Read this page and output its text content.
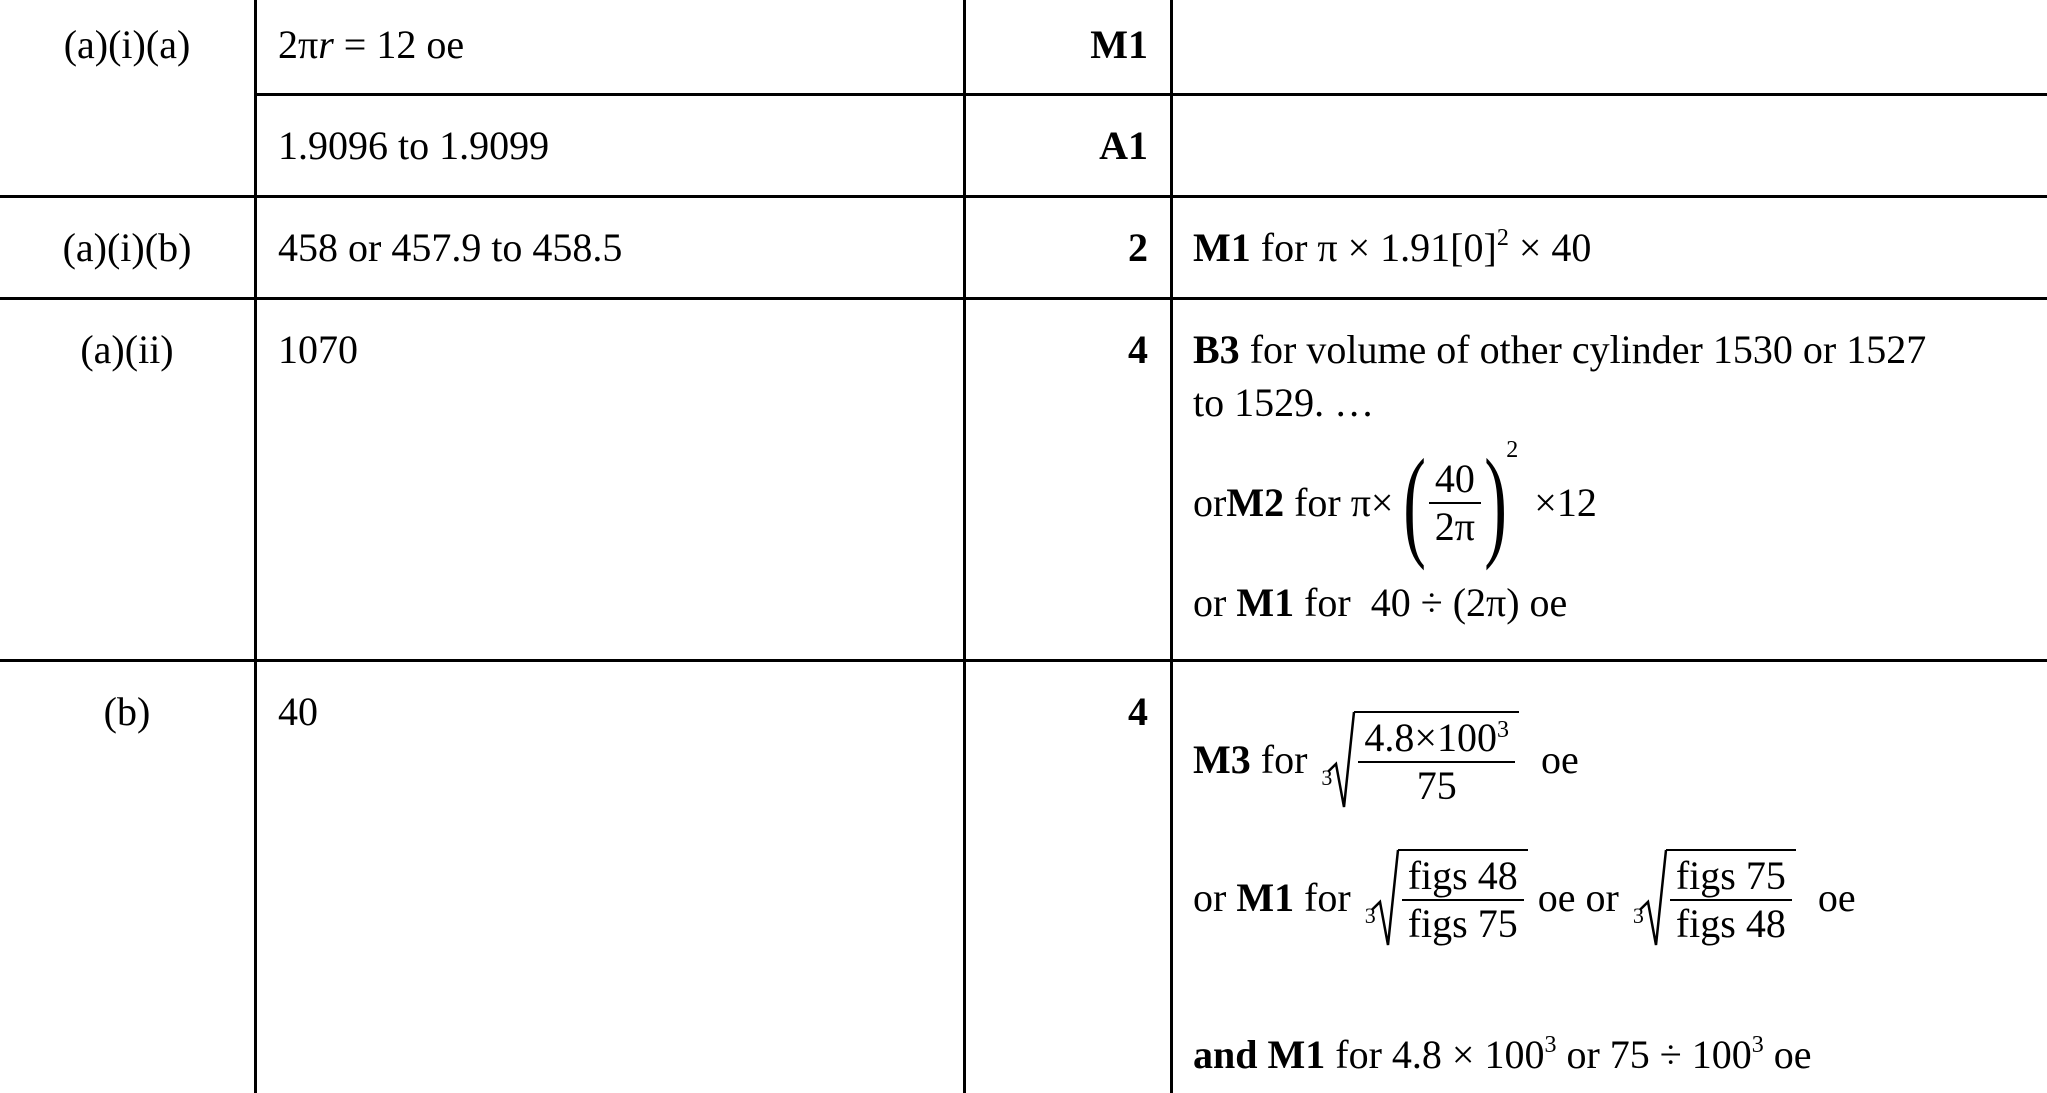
(a)(i)(a)	2πr = 12 oe	M1
1.9096 to 1.9099	A1
(a)(i)(b)	458 or 457.9 to 458.5	2 M1 for $\pi \times 1.91[0]^2 \times 40$
(a)(ii)	1070	4 B3 for volume of other cylinder 1530 or 1527
to 1529. …
or M2 for π× ( $\frac{40}{2\pi} )^2$
×12
or M1 for  40 ÷ (2π) oe
(b)	40	4
M3 for $3 \frac{4.8\times 100^3}{75}$ oe
or M1 for $3 \frac{\text{figs 48}}{\text{figs 75}}$ oe or $3 \frac{\text{figs 75}}{\text{figs 48}}$ oe
and M1 for $4.8 \times 100^3$ or $75 \div 100^3$ oe
